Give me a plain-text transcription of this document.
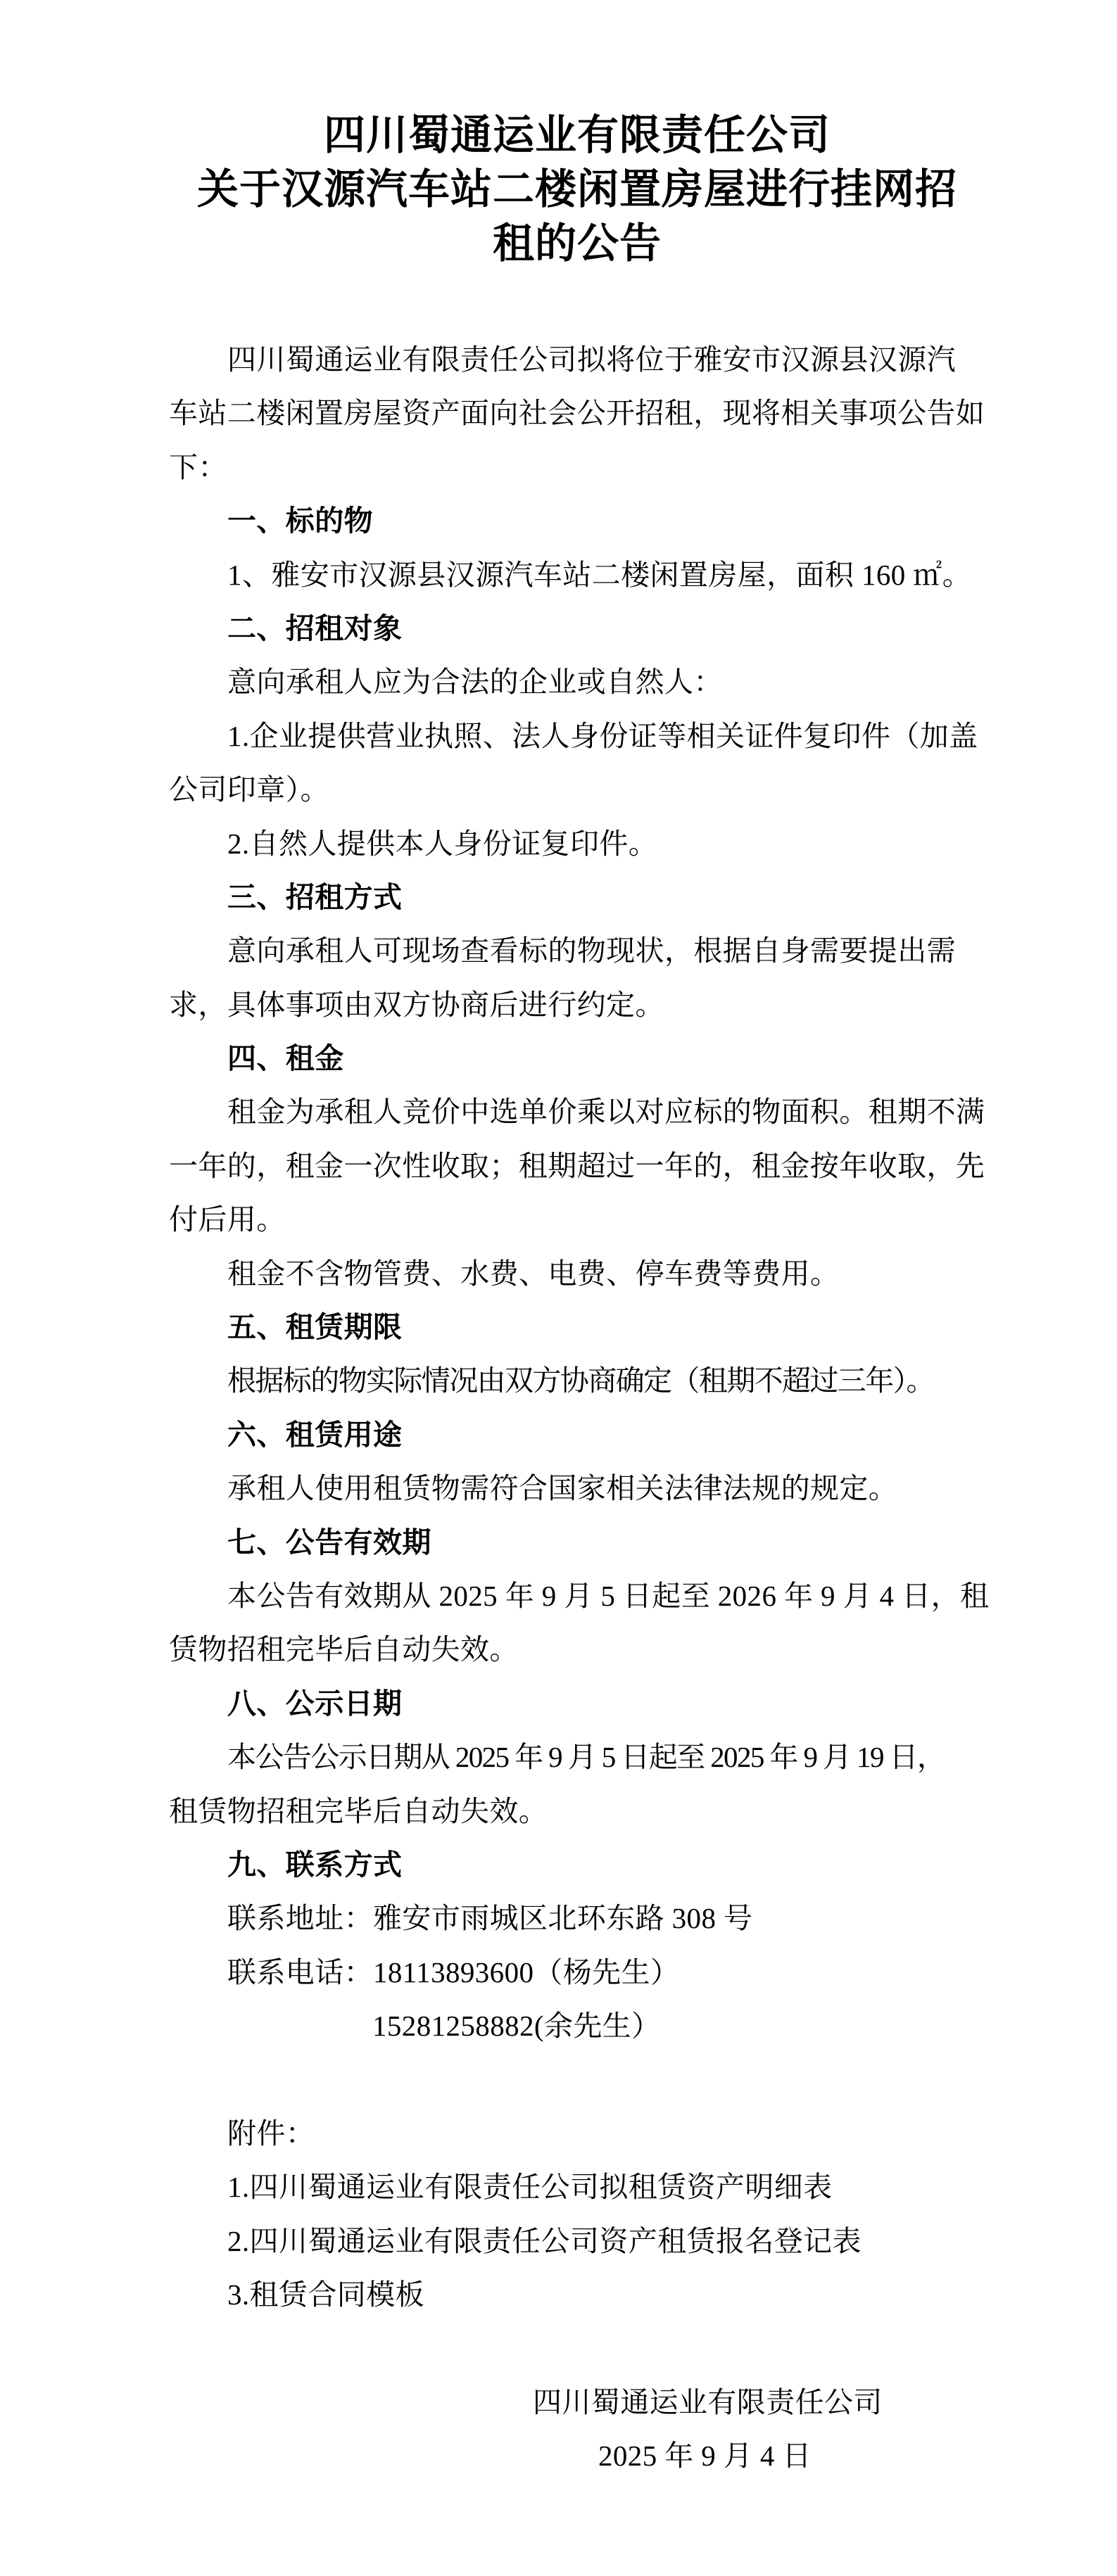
四川蜀通运业有限责任公司
关于汉源汽车站二楼闲置房屋进行挂网招
租的公告
四川蜀通运业有限责任公司拟将位于雅安市汉源县汉源汽
车站二楼闲置房屋资产面向社会公开招租，现将相关事项公告如
下：
一、标的物
1、雅安市汉源县汉源汽车站二楼闲置房屋，面积 160 ㎡。
二、招租对象
意向承租人应为合法的企业或自然人：
1.企业提供营业执照、法人身份证等相关证件复印件（加盖
公司印章）。
2.自然人提供本人身份证复印件。
三、招租方式
意向承租人可现场查看标的物现状，根据自身需要提出需
求，具体事项由双方协商后进行约定。
四、租金
租金为承租人竞价中选单价乘以对应标的物面积。租期不满
一年的，租金一次性收取；租期超过一年的，租金按年收取，先
付后用。
租金不含物管费、水费、电费、停车费等费用。
五、租赁期限
根据标的物实际情况由双方协商确定（租期不超过三年）。
六、租赁用途
承租人使用租赁物需符合国家相关法律法规的规定。
七、公告有效期
本公告有效期从 2025 年 9 月 5 日起至 2026 年 9 月 4 日，租
赁物招租完毕后自动失效。
八、公示日期
本公告公示日期从 2025 年 9 月 5 日起至 2025 年 9 月 19 日，
租赁物招租完毕后自动失效。
九、联系方式
联系地址：雅安市雨城区北环东路 308 号
联系电话：18113893600（杨先生）
15281258882(余先生）

附件：
1.四川蜀通运业有限责任公司拟租赁资产明细表
2.四川蜀通运业有限责任公司资产租赁报名登记表
3.租赁合同模板

四川蜀通运业有限责任公司
2025 年 9 月 4 日
